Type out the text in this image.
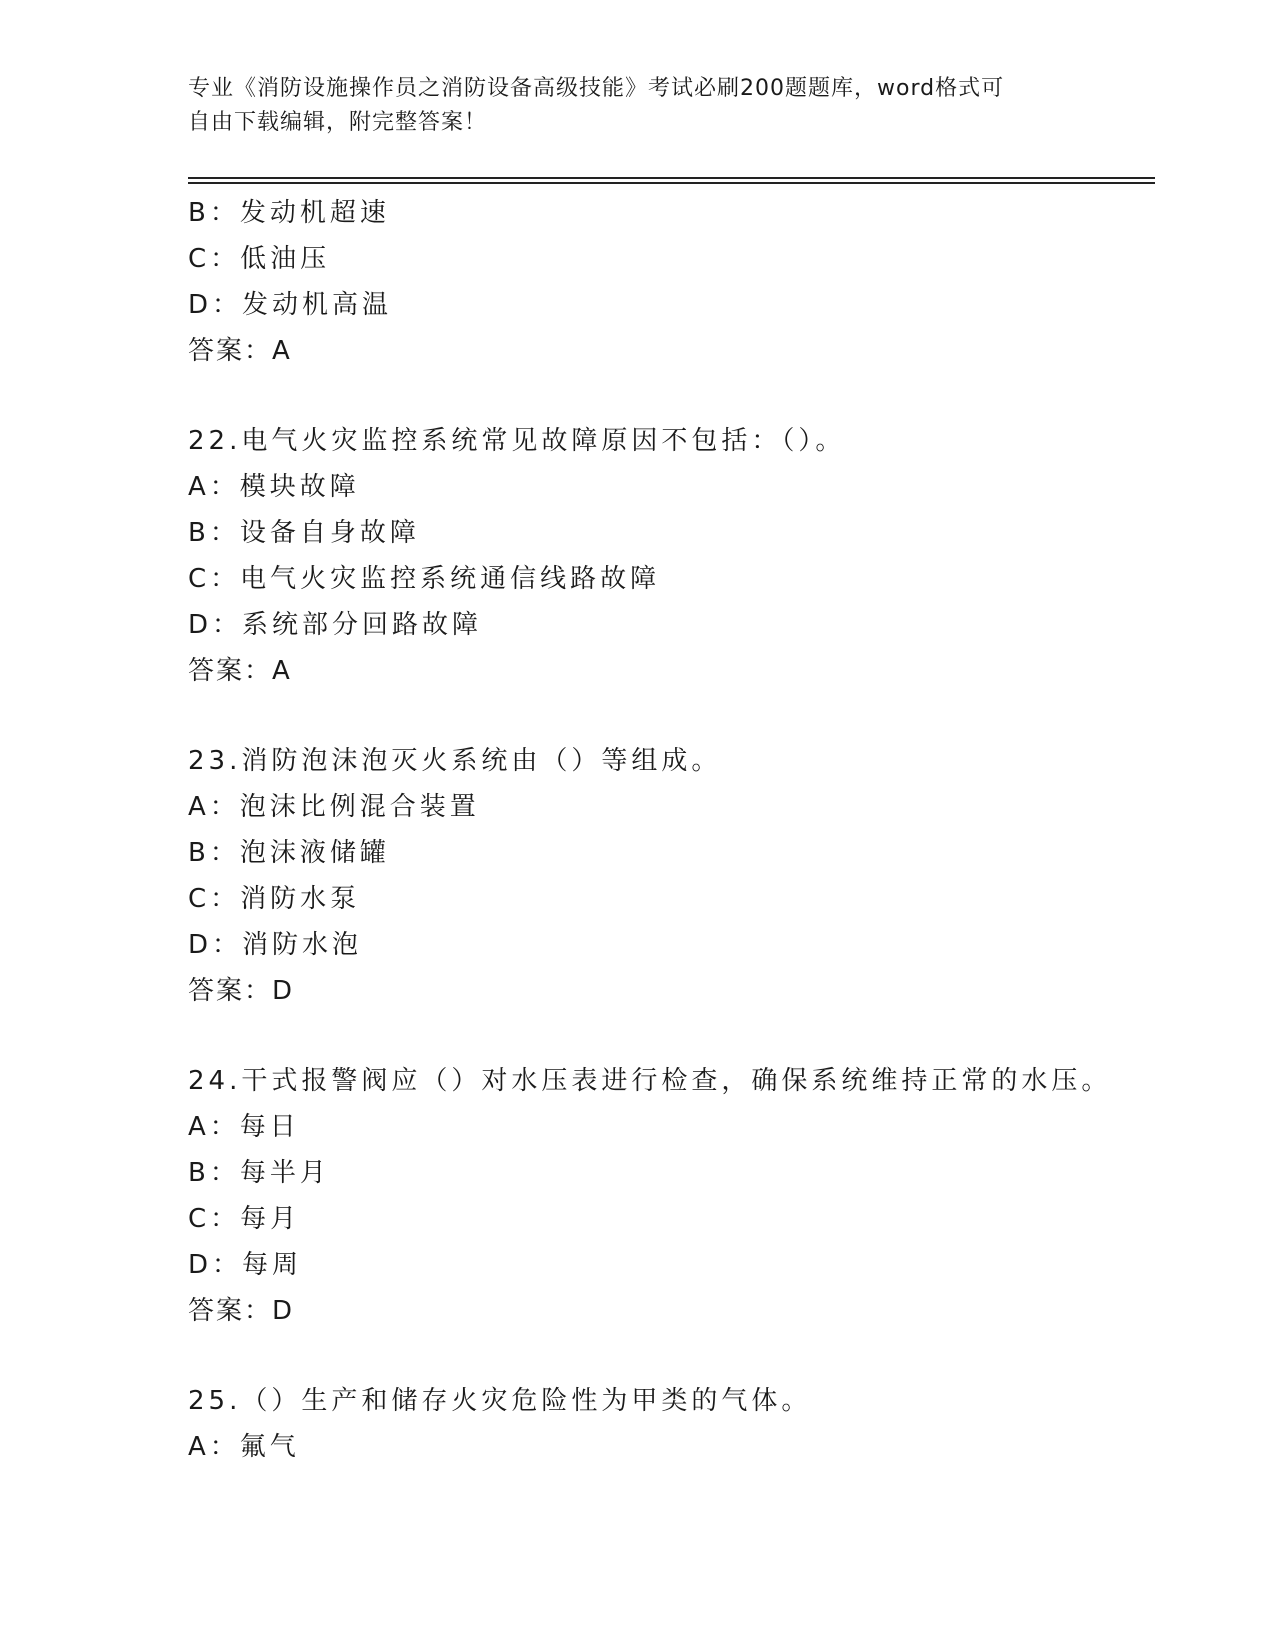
专业《消防设施操作员之消防设备高级技能》考试必刷200题题库，word格式可
自由下载编辑，附完整答案！
B：发动机超速
C：低油压
D：发动机高温
答案：A
22.电气火灾监控系统常见故障原因不包括：（）。
A：模块故障
B：设备自身故障
C：电气火灾监控系统通信线路故障
D：系统部分回路故障
答案：A
23.消防泡沫泡灭火系统由（）等组成。
A：泡沫比例混合装置
B：泡沫液储罐
C：消防水泵
D：消防水泡
答案：D
24.干式报警阀应（）对水压表进行检查，确保系统维持正常的水压。
A：每日
B：每半月
C：每月
D：每周
答案：D
25.（）生产和储存火灾危险性为甲类的气体。
A：氟气
